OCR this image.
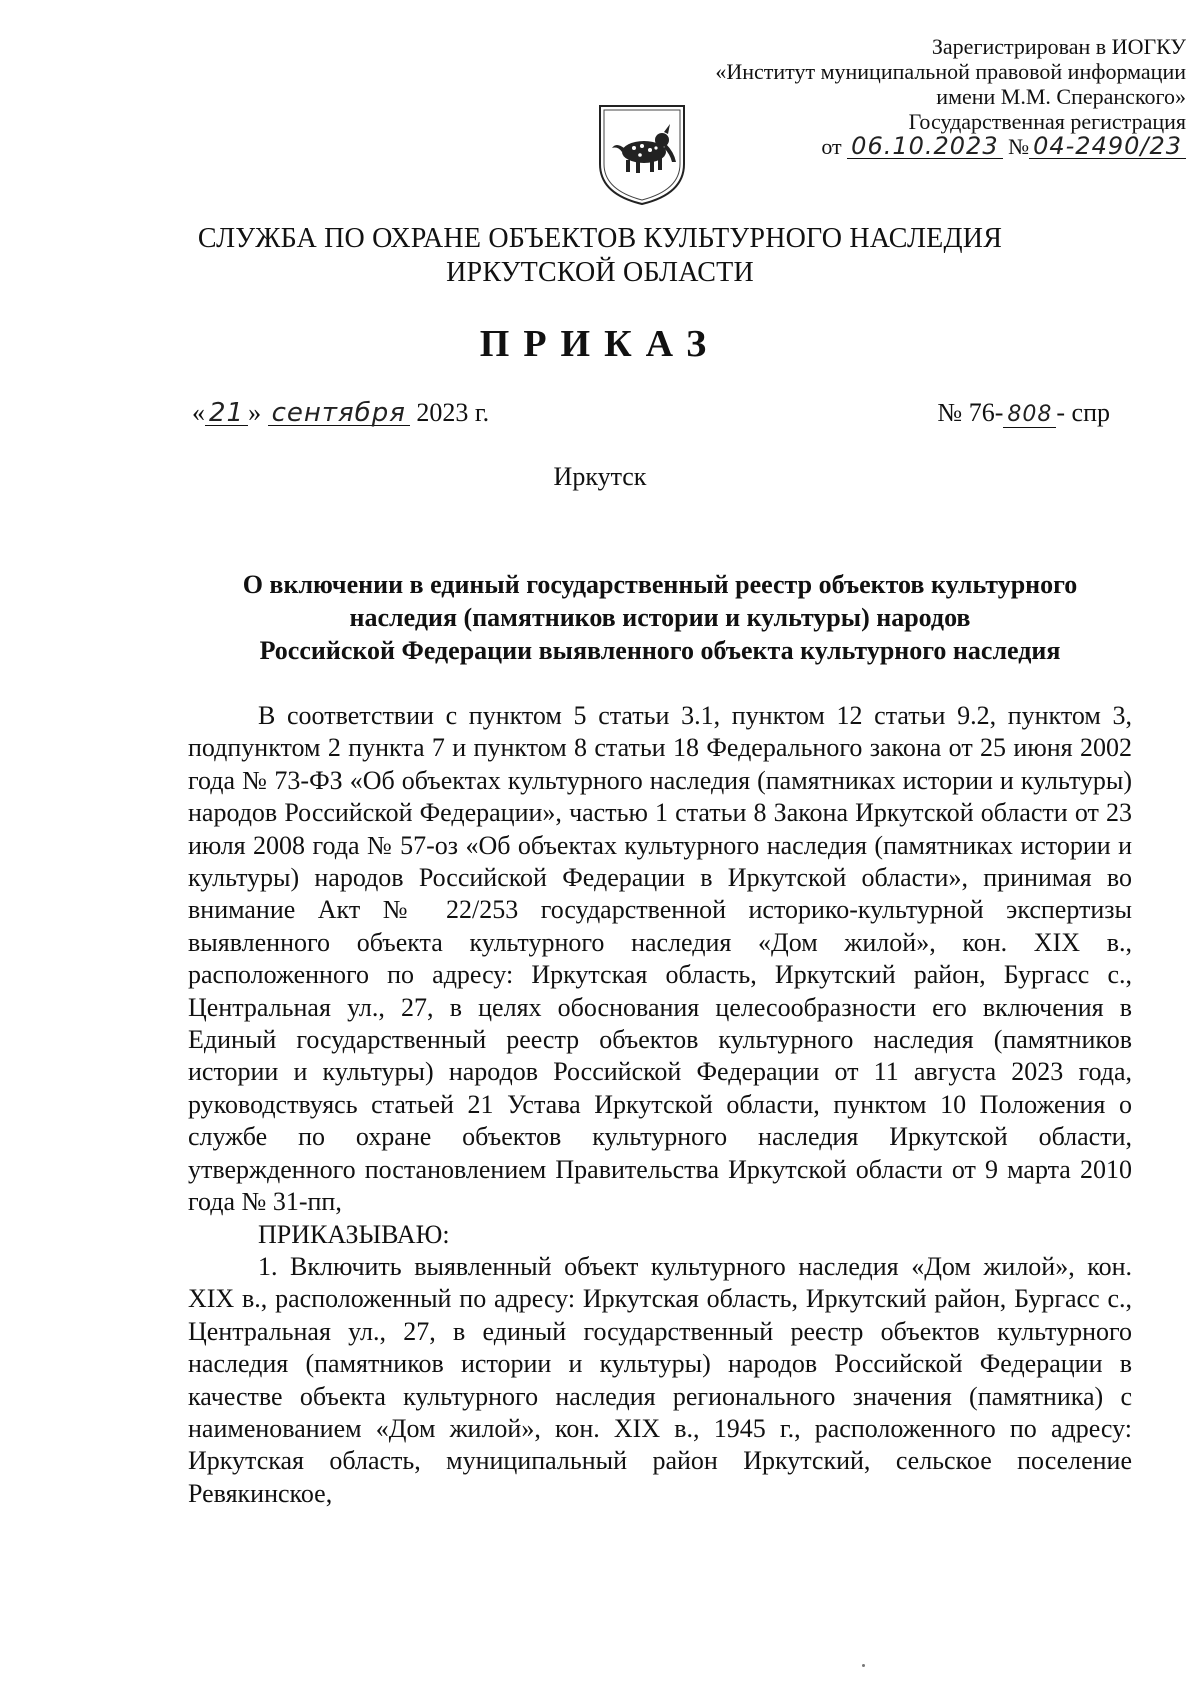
Зарегистрирован в ИОГКУ
«Институт муниципальной правовой информации
имени М.М. Сперанского»
Государственная регистрация
от 06.10.2023 № 04-2490/23
СЛУЖБА ПО ОХРАНЕ ОБЪЕКТОВ КУЛЬТУРНОГО НАСЛЕДИЯ
ИРКУТСКОЙ ОБЛАСТИ
ПРИКАЗ
« 21 » сентября 2023 г.	№ 76- 808 - спр
Иркутск
О включении в единый государственный реестр объектов культурного
наследия (памятников истории и культуры) народов
Российской Федерации выявленного объекта культурного наследия

В соответствии с пунктом 5 статьи 3.1, пунктом 12 статьи 9.2, пунктом 3, подпунктом 2 пункта 7 и пунктом 8 статьи 18 Федерального закона от 25 июня 2002 года № 73-ФЗ «Об объектах культурного наследия (памятниках истории и культуры) народов Российской Федерации», частью 1 статьи 8 Закона Иркутской области от 23 июля 2008 года № 57-оз «Об объектах культурного наследия (памятниках истории и культуры) народов Российской Федерации в Иркутской области», принимая во внимание Акт № 22/253 государственной историко-культурной экспертизы выявленного объекта культурного наследия «Дом жилой», кон. XIX в., расположенного по адресу: Иркутская область, Иркутский район, Бургасс с., Центральная ул., 27, в целях обоснования целесообразности его включения в Единый государственный реестр объектов культурного наследия (памятников истории и культуры) народов Российской Федерации от 11 августа 2023 года, руководствуясь статьей 21 Устава Иркутской области, пунктом 10 Положения о службе по охране объектов культурного наследия Иркутской области, утвержденного постановлением Правительства Иркутской области от 9 марта 2010 года № 31-пп,

ПРИКАЗЫВАЮ:

1. Включить выявленный объект культурного наследия «Дом жилой», кон. XIX в., расположенный по адресу: Иркутская область, Иркутский район, Бургасс с., Центральная ул., 27, в единый государственный реестр объектов культурного наследия (памятников истории и культуры) народов Российской Федерации в качестве объекта культурного наследия регионального значения (памятника) с наименованием «Дом жилой», кон. XIX в., 1945 г., расположенного по адресу: Иркутская область, муниципальный район Иркутский, сельское поселение Ревякинское,
